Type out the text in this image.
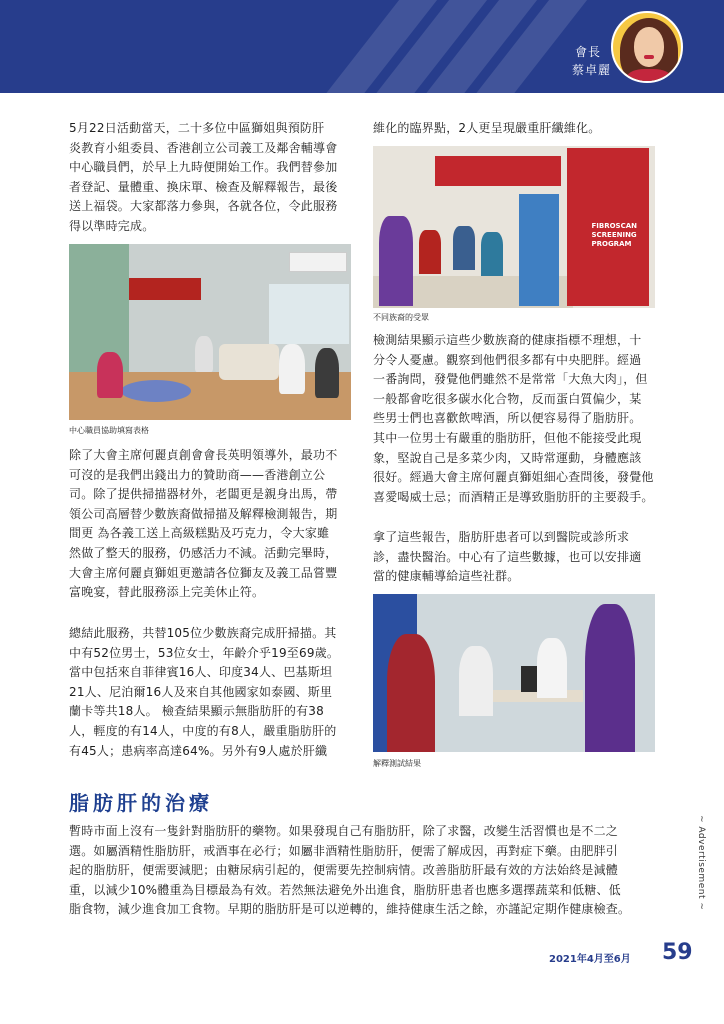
會長
蔡卓麗
5月22日活動當天，二十多位中區獅姐與預防肝
炎教育小組委員、香港創立公司義工及鄰舍輔導會
中心職員們，於早上九時便開始工作。我們替參加
者登記、量體重、換床單、檢查及解釋報告，最後
送上福袋。大家都落力參與，各就各位，令此服務
得以準時完成。
中心職員協助填寫表格
除了大會主席何麗貞創會會長英明領導外，最功不
可沒的是我們出錢出力的贊助商——香港創立公
司。除了提供掃描器材外，老闆更是親身出馬，帶
領公司高層替少數族裔做掃描及解釋檢測報告，期
間更 為各義工送上高級糕點及巧克力，令大家雖
然做了整天的服務，仍感活力不減。活動完畢時，
大會主席何麗貞獅姐更邀請各位獅友及義工品嘗豐
富晚宴，替此服務添上完美休止符。
總結此服務，共替105位少數族裔完成肝掃描。其
中有52位男士，53位女士，年齡介乎19至69歲。
當中包括來自菲律賓16人、印度34人、巴基斯坦
21人、尼泊爾16人及來自其他國家如泰國、斯里
蘭卡等共18人。 檢查結果顯示無脂肪肝的有38
人，輕度的有14人，中度的有8人，嚴重脂肪肝的
有45人；患病率高達64%。另外有9人處於肝纖
維化的臨界點，2人更呈現嚴重肝纖維化。
FIBROSCAN
SCREENING
PROGRAM
不同族裔的受眾
檢測結果顯示這些少數族裔的健康指標不理想，十
分令人憂慮。觀察到他們很多都有中央肥胖。經過
一番詢問，發覺他們雖然不是常常「大魚大肉」，但
一般都會吃很多碳水化合物，反而蛋白質偏少，某
些男士們也喜歡飲啤酒，所以便容易得了脂肪肝。
其中一位男士有嚴重的脂肪肝，但他不能接受此現
象，堅說自己是多菜少肉，又時常運動，身體應該
很好。經過大會主席何麗貞獅姐細心查問後，發覺他
喜愛喝威士忌；而酒精正是導致脂肪肝的主要殺手。
拿了這些報告，脂肪肝患者可以到醫院或診所求
診，盡快醫治。中心有了這些數據，也可以安排適
當的健康輔導給這些社群。
解釋測試結果
脂肪肝的治療
暫時市面上沒有一隻針對脂肪肝的藥物。如果發現自己有脂肪肝，除了求醫，改變生活習慣也是不二之
選。如屬酒精性脂肪肝，戒酒事在必行；如屬非酒精性脂肪肝，便需了解成因，再對症下藥。由肥胖引
起的脂肪肝，便需要減肥；由糖尿病引起的，便需要先控制病情。改善脂肪肝最有效的方法始終是減體
重，以減少10%體重為目標最為有效。若然無法避免外出進食，脂肪肝患者也應多選擇蔬菜和低糖、低
脂食物，減少進食加工食物。早期的脂肪肝是可以逆轉的，維持健康生活之餘，亦謹記定期作健康檢查。	~ Advertisement ~
2021年4月至6月 59
